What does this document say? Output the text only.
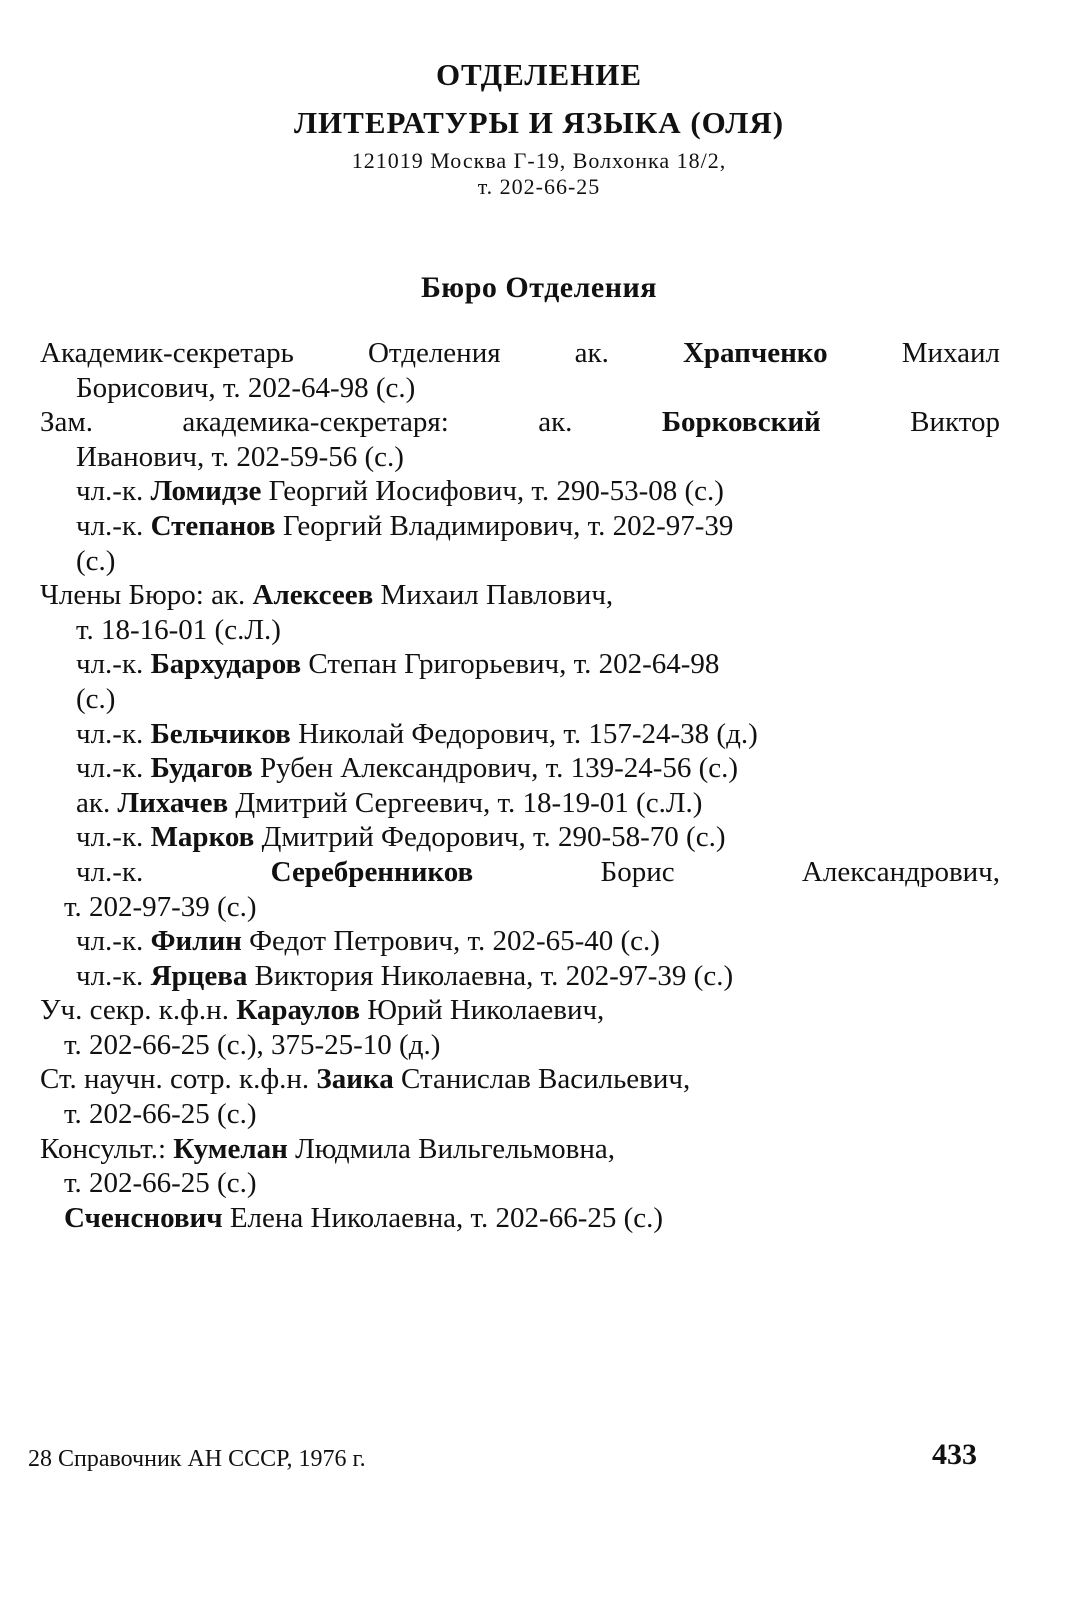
ОТДЕЛЕНИЕ
ЛИТЕРАТУРЫ И ЯЗЫКА (ОЛЯ)
121019 Москва Г-19, Волхонка 18/2,
т. 202-66-25
Бюро Отделения
Академик-секретарь Отделения ак. Храпченко Михаил
Борисович, т. 202-64-98 (с.)
Зам. академика-секретаря: ак. Борковский Виктор
Иванович, т. 202-59-56 (с.)
чл.-к. Ломидзе Георгий Иосифович, т. 290-53-08 (с.)
чл.-к. Степанов Георгий Владимирович, т. 202-97-39
(с.)
Члены Бюро: ак. Алексеев Михаил Павлович,
т. 18-16-01 (с.Л.)
чл.-к. Бархударов Степан Григорьевич, т. 202-64-98
(с.)
чл.-к. Бельчиков Николай Федорович, т. 157-24-38 (д.)
чл.-к. Будагов Рубен Александрович, т. 139-24-56 (с.)
ак. Лихачев Дмитрий Сергеевич, т. 18-19-01 (с.Л.)
чл.-к. Марков Дмитрий Федорович, т. 290-58-70 (с.)
чл.-к. Серебренников Борис Александрович,
т. 202-97-39 (с.)
чл.-к. Филин Федот Петрович, т. 202-65-40 (с.)
чл.-к. Ярцева Виктория Николаевна, т. 202-97-39 (с.)
Уч. секр. к.ф.н. Караулов Юрий Николаевич,
т. 202-66-25 (с.), 375-25-10 (д.)
Ст. научн. сотр. к.ф.н. Заика Станислав Васильевич,
т. 202-66-25 (с.)
Консульт.: Кумелан Людмила Вильгельмовна,
т. 202-66-25 (с.)
Сченснович Елена Николаевна, т. 202-66-25 (с.)
28 Справочник АН СССР, 1976 г.	433
